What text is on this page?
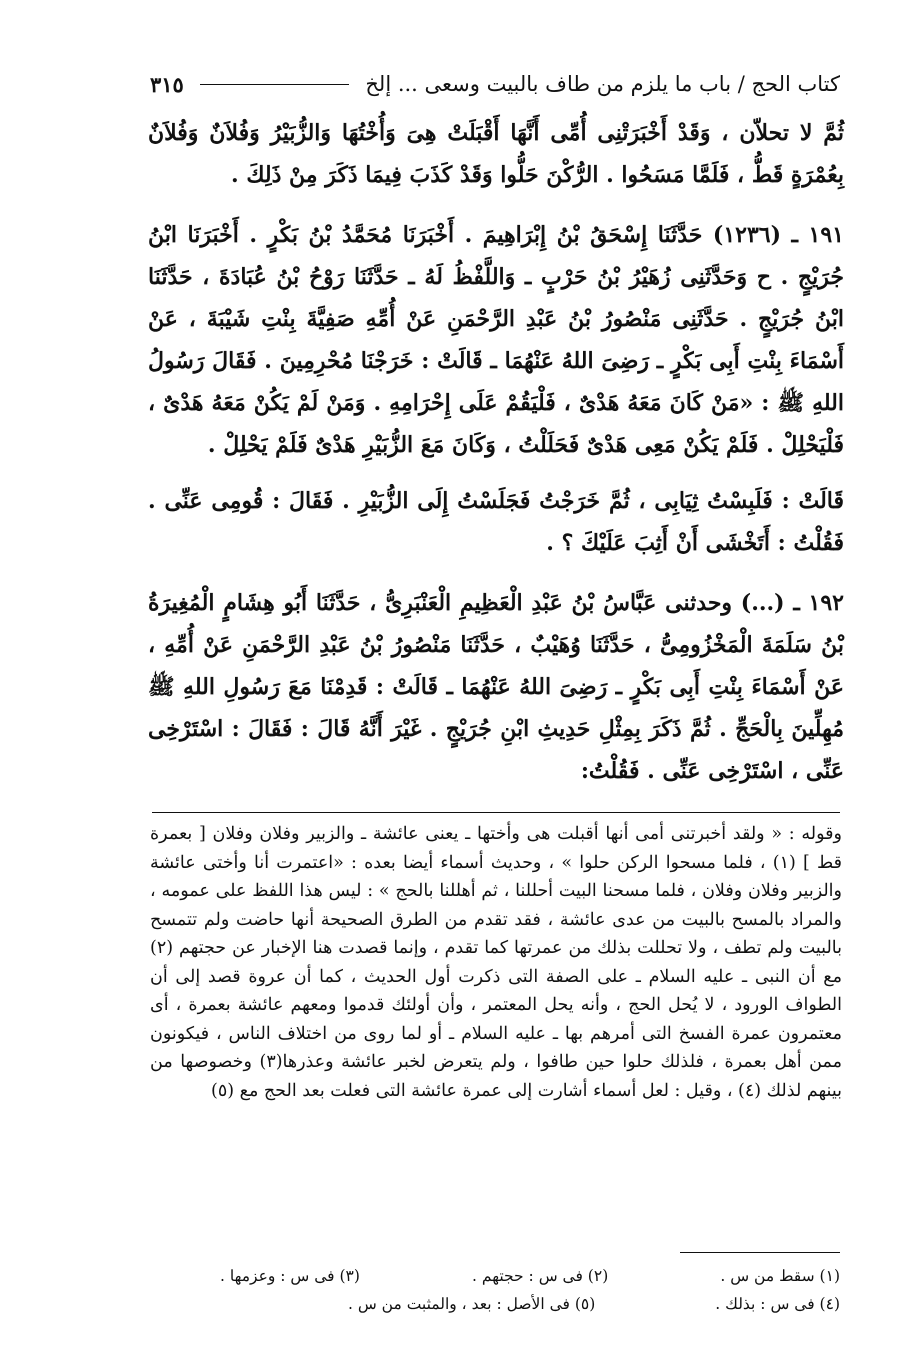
كتاب الحج / باب ما يلزم من طاف بالبيت وسعى ... إلخ
٣١٥

ثُمَّ لا تحلاّن ، وَقَدْ أَخْبَرَتْنِى أُمِّى أَنَّهَا أَقْبَلَتْ هِىَ وَأُخْتُهَا وَالزُّبَيْرُ وَفُلاَنٌ وَفُلاَنٌ بِعُمْرَةٍ قَطُّ ، فَلَمَّا مَسَحُوا . الرُّكْنَ حَلُّوا وَقَدْ كَذَبَ فِيمَا ذَكَرَ مِنْ ذَلِكَ .

١٩١ ـ (١٢٣٦) حَدَّثَنَا إِسْحَقُ بْنُ إِبْرَاهِيمَ . أَخْبَرَنَا مُحَمَّدُ بْنُ بَكْرٍ . أَخْبَرَنَا ابْنُ جُرَيْجٍ . ح وَحَدَّثَنِى زُهَيْرُ بْنُ حَرْبٍ ـ وَاللَّفْظُ لَهُ ـ حَدَّثَنَا رَوْحُ بْنُ عُبَادَةَ ، حَدَّثَنَا ابْنُ جُرَيْجٍ . حَدَّثَنِى مَنْصُورُ بْنُ عَبْدِ الرَّحْمَنِ عَنْ أُمِّهِ صَفِيَّةَ بِنْتِ شَيْبَةَ ، عَنْ أَسْمَاءَ بِنْتِ أَبِى بَكْرٍ ـ رَضِىَ اللهُ عَنْهُمَا ـ قَالَتْ : خَرَجْنَا مُحْرِمِينَ . فَقَالَ رَسُولُ اللهِ ﷺ : «مَنْ كَانَ مَعَهُ هَدْىٌ ، فَلْيَقُمْ عَلَى إِحْرَامِهِ . وَمَنْ لَمْ يَكُنْ مَعَهُ هَدْىٌ ، فَلْيَحْلِلْ . فَلَمْ يَكُنْ مَعِى هَدْىٌ فَحَلَلْتُ ، وَكَانَ مَعَ الزُّبَيْرِ هَدْىٌ فَلَمْ يَحْلِلْ .

قَالَتْ : فَلَبِسْتُ ثِيَابِى ، ثُمَّ خَرَجْتُ فَجَلَسْتُ إِلَى الزُّبَيْرِ . فَقَالَ : قُومِى عَنِّى . فَقُلْتُ : أَتَخْشَى أَنْ أَثِبَ عَلَيْكَ ؟ .

١٩٢ ـ (...) وحدثنى عَبَّاسُ بْنُ عَبْدِ الْعَظِيمِ الْعَنْبَرِىُّ ، حَدَّثَنَا أَبُو هِشَامٍ الْمُغِيرَةُ بْنُ سَلَمَةَ الْمَخْزُومِىُّ ، حَدَّثَنَا وُهَيْبٌ ، حَدَّثَنَا مَنْصُورُ بْنُ عَبْدِ الرَّحْمَنِ عَنْ أُمِّهِ ، عَنْ أَسْمَاءَ بِنْتِ أَبِى بَكْرٍ ـ رَضِىَ اللهُ عَنْهُمَا ـ قَالَتْ : قَدِمْنَا مَعَ رَسُولِ اللهِ ﷺ مُهِلِّينَ بِالْحَجِّ . ثُمَّ ذَكَرَ بِمِثْلِ حَدِيثِ ابْنِ جُرَيْجٍ . غَيْرَ أَنَّهُ قَالَ : فَقَالَ : اسْتَرْخِى عَنِّى ، اسْتَرْخِى عَنِّى . فَقُلْتُ:

وقوله : « ولقد أخبرتنى أمى أنها أقبلت هى وأختها ـ يعنى عائشة ـ والزبير وفلان وفلان [ بعمرة قط ] (١) ، فلما مسحوا الركن حلوا » ، وحديث أسماء أيضا بعده : «اعتمرت أنا وأختى عائشة والزبير وفلان وفلان ، فلما مسحنا البيت أحللنا ، ثم أهللنا بالحج » : ليس هذا اللفظ على عمومه ، والمراد بالمسح بالبيت من عدى عائشة ، فقد تقدم من الطرق الصحيحة أنها حاضت ولم تتمسح بالبيت ولم تطف ، ولا تحللت بذلك من عمرتها كما تقدم ، وإنما قصدت هنا الإخبار عن حجتهم (٢) مع أن النبى ـ عليه السلام ـ على الصفة التى ذكرت أول الحديث ، كما أن عروة قصد إلى أن الطواف الورود ، لا يُحل الحج ، وأنه يحل المعتمر ، وأن أولئك قدموا ومعهم عائشة بعمرة ، أى معتمرون عمرة الفسخ التى أمرهم بها ـ عليه السلام ـ أو لما روى من اختلاف الناس ، فيكونون ممن أهل بعمرة ، فلذلك حلوا حين طافوا ، ولم يتعرض لخبر عائشة وعذرها(٣) وخصوصها من بينهم لذلك (٤) ، وقيل : لعل أسماء أشارت إلى عمرة عائشة التى فعلت بعد الحج مع (٥)

(١) سقط من س .
(٢) فى س : حجتهم .
(٣) فى س : وعزمها .
(٤) فى س : بذلك .
(٥) فى الأصل : بعد ، والمثبت من س .
